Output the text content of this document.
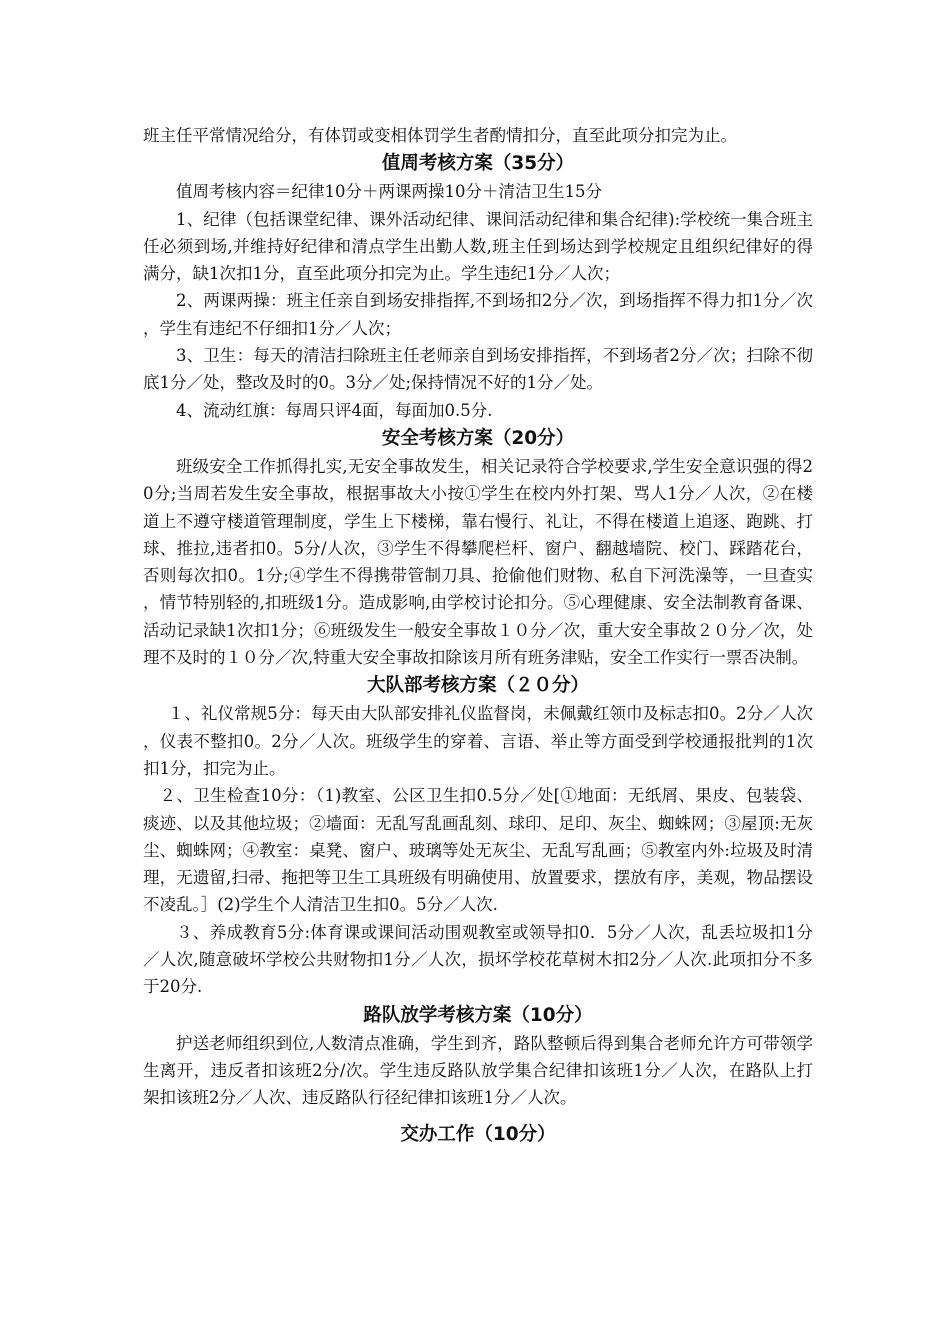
班主任平常情况给分，有体罚或变相体罚学生者酌情扣分，直至此项分扣完为止。

值周考核方案（35分）

值周考核内容＝纪律10分＋两课两操10分＋清洁卫生15分

1、纪律（包括课堂纪律、课外活动纪律、课间活动纪律和集合纪律):学校统一集合班主任必须到场,并维持好纪律和清点学生出勤人数,班主任到场达到学校规定且组织纪律好的得满分，缺1次扣1分，直至此项分扣完为止。学生违纪1分／人次；

2、两课两操：班主任亲自到场安排指挥,不到场扣2分／次，到场指挥不得力扣1分／次，学生有违纪不仔细扣1分／人次；

3、卫生：每天的清洁扫除班主任老师亲自到场安排指挥，不到场者2分／次；扫除不彻底1分／处，整改及时的0。3分／处;保持情况不好的1分／处。

4、流动红旗：每周只评4面，每面加0.5分.

安全考核方案（20分）

班级安全工作抓得扎实,无安全事故发生，相关记录符合学校要求,学生安全意识强的得20分;当周若发生安全事故，根据事故大小按①学生在校内外打架、骂人1分／人次，②在楼道上不遵守楼道管理制度，学生上下楼梯，靠右慢行、礼让，不得在楼道上追逐、跑跳、打球、推拉,违者扣0。5分/人次，③学生不得攀爬栏杆、窗户、翻越墙院、校门、踩踏花台，否则每次扣0。1分;④学生不得携带管制刀具、抢偷他们财物、私自下河洗澡等，一旦查实，情节特别轻的,扣班级1分。造成影响,由学校讨论扣分。⑤心理健康、安全法制教育备课、活动记录缺1次扣1分；⑥班级发生一般安全事故１０分／次，重大安全事故２０分／次，处理不及时的１０分／次,特重大安全事故扣除该月所有班务津贴，安全工作实行一票否决制。

大队部考核方案（２０分）

１、礼仪常规5分：每天由大队部安排礼仪监督岗，未佩戴红领巾及标志扣0。2分／人次，仪表不整扣0。2分／人次。班级学生的穿着、言语、举止等方面受到学校通报批判的1次扣1分，扣完为止。

２、卫生检查10分：（1)教室、公区卫生扣0.5分／处[①地面：无纸屑、果皮、包装袋、痰迹、以及其他垃圾；②墙面：无乱写乱画乱刻、球印、足印、灰尘、蜘蛛网；③屋顶:无灰尘、蜘蛛网；④教室：桌凳、窗户、玻璃等处无灰尘、无乱写乱画；⑤教室内外:垃圾及时清理，无遗留,扫帚、拖把等卫生工具班级有明确使用、放置要求，摆放有序，美观，物品摆设不凌乱。］(2)学生个人清洁卫生扣0。5分／人次.

３、养成教育5分:体育课或课间活动围观教室或领导扣0．5分／人次，乱丢垃圾扣1分／人次,随意破坏学校公共财物扣1分／人次，损坏学校花草树木扣2分／人次.此项扣分不多于20分.

路队放学考核方案（10分）

护送老师组织到位,人数清点准确，学生到齐，路队整顿后得到集合老师允许方可带领学生离开，违反者扣该班2分/次。学生违反路队放学集合纪律扣该班1分／人次，在路队上打架扣该班2分／人次、违反路队行径纪律扣该班1分／人次。

交办工作（10分）
